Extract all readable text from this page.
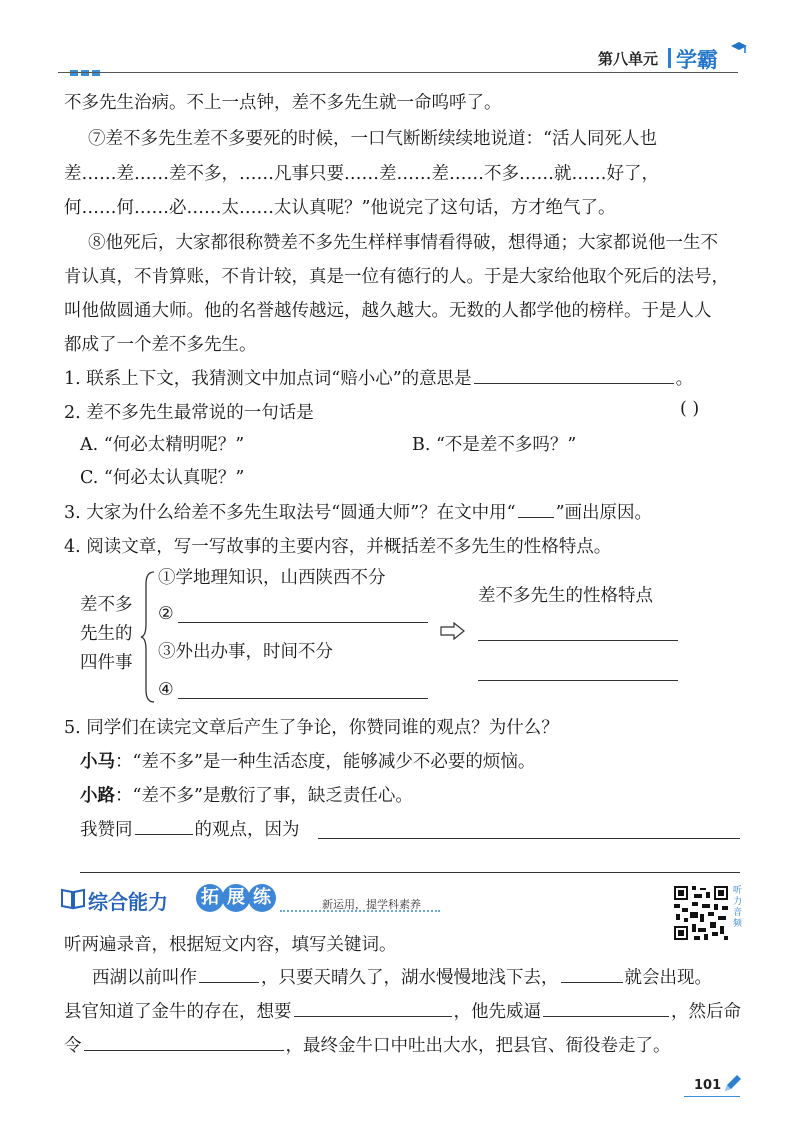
第八单元 学霸
不多先生治病。不上一点钟，差不多先生就一命呜呼了。
⑦差不多先生差不多要死的时候，一口气断断续续地说道：“活人同死人也
差……差……差不多，……凡事只要……差……差……不多……就……好了，
何……何……必……太……太认真呢？”他说完了这句话，方才绝气了。
⑧他死后，大家都很称赞差不多先生样样事情看得破，想得通；大家都说他一生不
肯认真，不肯算账，不肯计较，真是一位有德行的人。于是大家给他取个死后的法号，
叫他做圆通大师。他的名誉越传越远，越久越大。无数的人都学他的榜样。于是人人
都成了一个差不多先生。
1. 联系上下文，我猜测文中加点词“赔小心”的意思是	。
2. 差不多先生最常说的一句话是	( )
A. “何必太精明呢？”	B. “不是差不多吗？”
C. “何必太认真呢？”
3. 大家为什么给差不多先生取法号“圆通大师”？在文中用“ ”画出原因。
4. 阅读文章，写一写故事的主要内容，并概括差不多先生的性格特点。
差不多
先生的
四件事
①学地理知识，山西陕西不分
②
③外出办事，时间不分
④
差不多先生的性格特点
5. 同学们在读完文章后产生了争论，你赞同谁的观点？为什么？
小马：“差不多”是一种生活态度，能够减少不必要的烦恼。
小路：“差不多”是敷衍了事，缺乏责任心。
我赞同	的观点，因为
综合能力 拓 展 练	新运用，提学科素养
听力音频
听两遍录音，根据短文内容，填写关键词。
西湖以前叫作	，只要天晴久了，湖水慢慢地浅下去，	就会出现。
县官知道了金牛的存在，想要	，他先威逼	，然后命
令	，最终金牛口中吐出大水，把县官、衙役卷走了。
101
